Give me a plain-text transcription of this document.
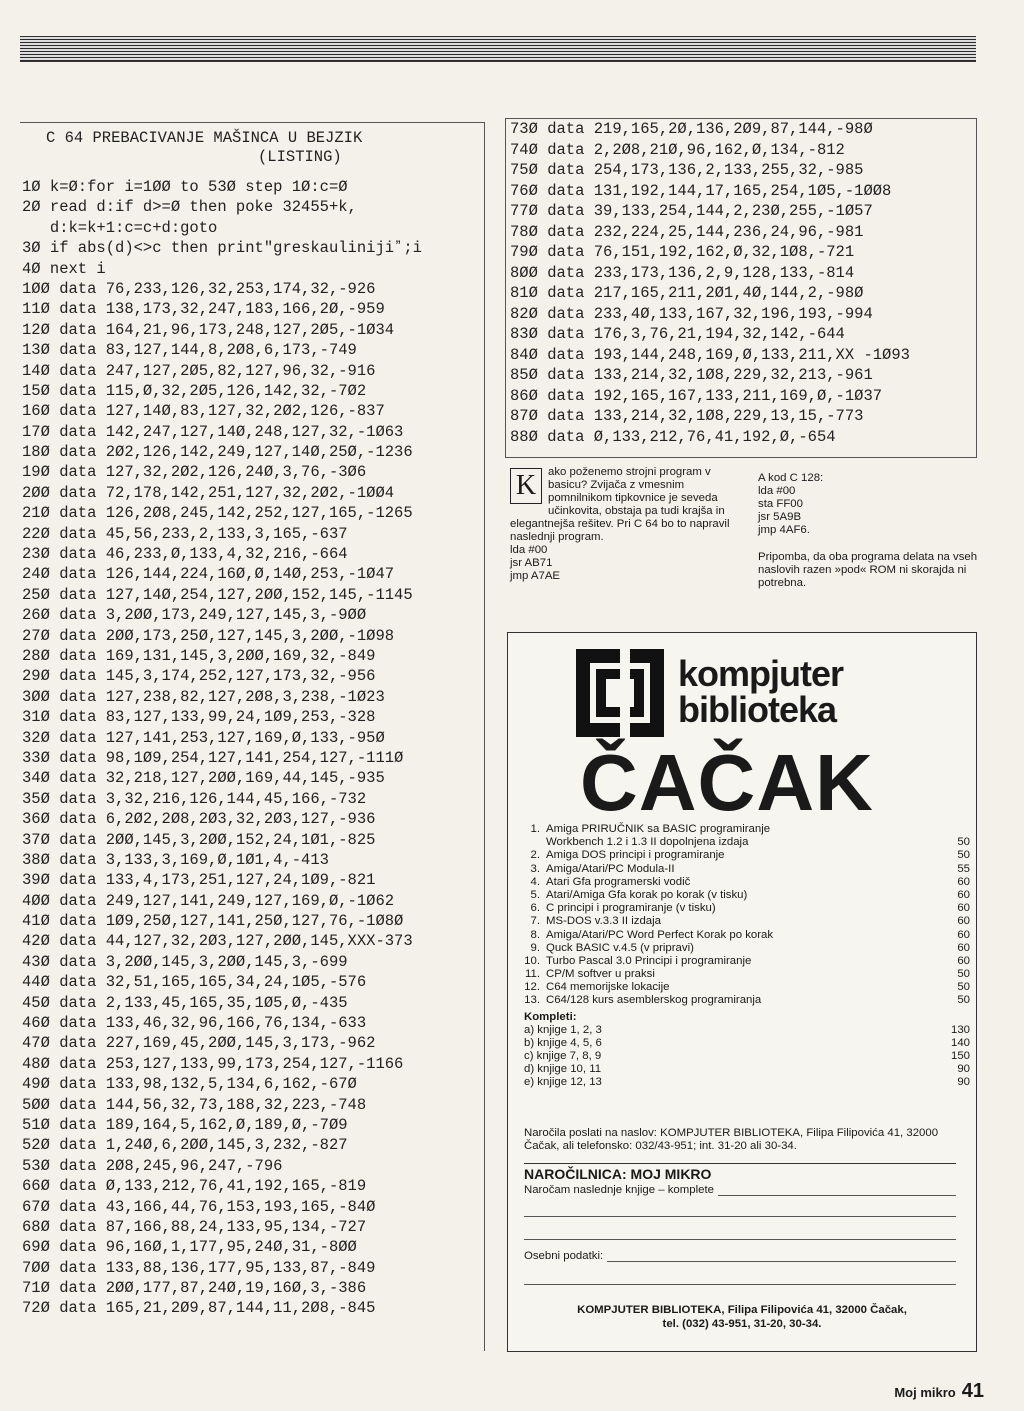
C 64 PREBACIVANJE MAŠINCA U BEJZIK
(LISTING)
1Ø k=Ø:for i=1ØØ to 53Ø step 1Ø:c=Ø
2Ø read d:if d>=Ø then poke 32455+k,
d:k=k+1:c=c+d:goto
3Ø if abs(d)<>c then print"greskaulinijiˮ;i
4Ø next i
1ØØ data 76,233,126,32,253,174,32,-926
11Ø data 138,173,32,247,183,166,2Ø,-959
12Ø data 164,21,96,173,248,127,2Ø5,-1Ø34
13Ø data 83,127,144,8,2Ø8,6,173,-749
14Ø data 247,127,2Ø5,82,127,96,32,-916
15Ø data 115,Ø,32,2Ø5,126,142,32,-7Ø2
16Ø data 127,14Ø,83,127,32,2Ø2,126,-837
17Ø data 142,247,127,14Ø,248,127,32,-1Ø63
18Ø data 2Ø2,126,142,249,127,14Ø,25Ø,-1236
19Ø data 127,32,2Ø2,126,24Ø,3,76,-3Ø6
2ØØ data 72,178,142,251,127,32,2Ø2,-1ØØ4
21Ø data 126,2Ø8,245,142,252,127,165,-1265
22Ø data 45,56,233,2,133,3,165,-637
23Ø data 46,233,Ø,133,4,32,216,-664
24Ø data 126,144,224,16Ø,Ø,14Ø,253,-1Ø47
25Ø data 127,14Ø,254,127,2ØØ,152,145,-1145
26Ø data 3,2ØØ,173,249,127,145,3,-9ØØ
27Ø data 2ØØ,173,25Ø,127,145,3,2ØØ,-1Ø98
28Ø data 169,131,145,3,2ØØ,169,32,-849
29Ø data 145,3,174,252,127,173,32,-956
3ØØ data 127,238,82,127,2Ø8,3,238,-1Ø23
31Ø data 83,127,133,99,24,1Ø9,253,-328
32Ø data 127,141,253,127,169,Ø,133,-95Ø
33Ø data 98,1Ø9,254,127,141,254,127,-111Ø
34Ø data 32,218,127,2ØØ,169,44,145,-935
35Ø data 3,32,216,126,144,45,166,-732
36Ø data 6,2Ø2,2Ø8,2Ø3,32,2Ø3,127,-936
37Ø data 2ØØ,145,3,2ØØ,152,24,1Ø1,-825
38Ø data 3,133,3,169,Ø,1Ø1,4,-413
39Ø data 133,4,173,251,127,24,1Ø9,-821
4ØØ data 249,127,141,249,127,169,Ø,-1Ø62
41Ø data 1Ø9,25Ø,127,141,25Ø,127,76,-1Ø8Ø
42Ø data 44,127,32,2Ø3,127,2ØØ,145,XXX-373
43Ø data 3,2ØØ,145,3,2ØØ,145,3,-699
44Ø data 32,51,165,165,34,24,1Ø5,-576
45Ø data 2,133,45,165,35,1Ø5,Ø,-435
46Ø data 133,46,32,96,166,76,134,-633
47Ø data 227,169,45,2ØØ,145,3,173,-962
48Ø data 253,127,133,99,173,254,127,-1166
49Ø data 133,98,132,5,134,6,162,-67Ø
5ØØ data 144,56,32,73,188,32,223,-748
51Ø data 189,164,5,162,Ø,189,Ø,-7Ø9
52Ø data 1,24Ø,6,2ØØ,145,3,232,-827
53Ø data 2Ø8,245,96,247,-796
66Ø data Ø,133,212,76,41,192,165,-819
67Ø data 43,166,44,76,153,193,165,-84Ø
68Ø data 87,166,88,24,133,95,134,-727
69Ø data 96,16Ø,1,177,95,24Ø,31,-8ØØ
7ØØ data 133,88,136,177,95,133,87,-849
71Ø data 2ØØ,177,87,24Ø,19,16Ø,3,-386
72Ø data 165,21,2Ø9,87,144,11,2Ø8,-845
73Ø data 219,165,2Ø,136,2Ø9,87,144,-98Ø
74Ø data 2,2Ø8,21Ø,96,162,Ø,134,-812
75Ø data 254,173,136,2,133,255,32,-985
76Ø data 131,192,144,17,165,254,1Ø5,-1ØØ8
77Ø data 39,133,254,144,2,23Ø,255,-1Ø57
78Ø data 232,224,25,144,236,24,96,-981
79Ø data 76,151,192,162,Ø,32,1Ø8,-721
8ØØ data 233,173,136,2,9,128,133,-814
81Ø data 217,165,211,2Ø1,4Ø,144,2,-98Ø
82Ø data 233,4Ø,133,167,32,196,193,-994
83Ø data 176,3,76,21,194,32,142,-644
84Ø data 193,144,248,169,Ø,133,211,XX -1Ø93
85Ø data 133,214,32,1Ø8,229,32,213,-961
86Ø data 192,165,167,133,211,169,Ø,-1Ø37
87Ø data 133,214,32,1Ø8,229,13,15,-773
88Ø data Ø,133,212,76,41,192,Ø,-654
K	ako poženemo strojni program v basicu? Zvijača z vmesnim pomnilnikom tipkovnice je seveda učinkovita, obstaja pa tudi krajša in elegantnejša rešitev. Pri C 64 bo to napravil naslednji program.
lda #00
jsr AB71
jmp A7AE
A kod C 128:
lda #00
sta FF00
jsr 5A9B
jmp 4AF6.
Pripomba, da oba programa delata na vseh naslovih razen »pod« ROM ni skorajda ni potrebna.
kompjuter
biblioteka
ČAČAK
1. Amiga PRIRUČNIK sa BASIC programiranje
Workbench 1.2 i 1.3 II dopolnjena izdaja	50
2. Amiga DOS principi i programiranje	50
3. Amiga/Atari/PC Modula-II	55
4. Atari Gfa programerski vodič	60
5. Atari/Amiga Gfa korak po korak (v tisku)	60
6. C principi i programiranje (v tisku)	60
7. MS-DOS v.3.3 II izdaja	60
8. Amiga/Atari/PC Word Perfect Korak po korak	60
9. Quck BASIC v.4.5 (v pripravi)	60
10. Turbo Pascal 3.0 Principi i programiranje	60
11. CP/M softver u praksi	50
12. C64 memorijske lokacije	50
13. C64/128 kurs asemblerskog programiranja	50
Kompleti:
a) knjige 1, 2, 3	130
b) knjige 4, 5, 6	140
c) knjige 7, 8, 9	150
d) knjige 10, 11	90
e) knjige 12, 13	90
Naročila poslati na naslov: KOMPJUTER BIBLIOTEKA, Filipa Filipovića 41, 32000 Čačak, ali telefonsko: 032/43-951; int. 31-20 ali 30-34.
NAROČILNICA: MOJ MIKRO
Naročam naslednje knjige – komplete
Osebni podatki:
KOMPJUTER BIBLIOTEKA, Filipa Filipovića 41, 32000 Čačak,
tel. (032) 43-951, 31-20, 30-34.
Moj mikro 41
